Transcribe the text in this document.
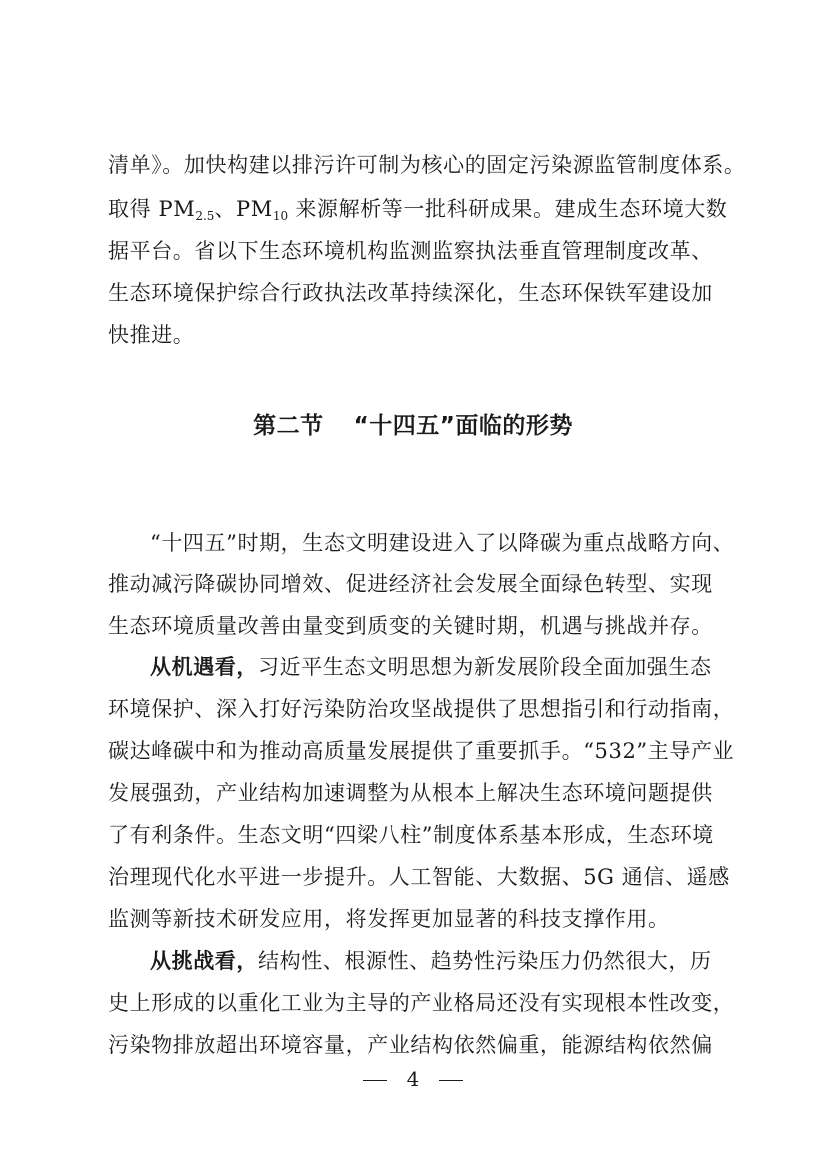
清单》。加快构建以排污许可制为核心的固定污染源监管制度体系。
取得 $PM_{2.5}$、$PM_{10}$ 来源解析等一批科研成果。建成生态环境大数
据平台。省以下生态环境机构监测监察执法垂直管理制度改革、
生态环境保护综合行政执法改革持续深化，生态环保铁军建设加
快推进。
第二节 “十四五”面临的形势
“十四五”时期，生态文明建设进入了以降碳为重点战略方向、
推动减污降碳协同增效、促进经济社会发展全面绿色转型、实现
生态环境质量改善由量变到质变的关键时期，机遇与挑战并存。
从机遇看，习近平生态文明思想为新发展阶段全面加强生态
环境保护、深入打好污染防治攻坚战提供了思想指引和行动指南，
碳达峰碳中和为推动高质量发展提供了重要抓手。“532”主导产业
发展强劲，产业结构加速调整为从根本上解决生态环境问题提供
了有利条件。生态文明“四梁八柱”制度体系基本形成，生态环境
治理现代化水平进一步提升。人工智能、大数据、5G 通信、遥感
监测等新技术研发应用，将发挥更加显著的科技支撑作用。
从挑战看，结构性、根源性、趋势性污染压力仍然很大，历
史上形成的以重化工业为主导的产业格局还没有实现根本性改变，
污染物排放超出环境容量，产业结构依然偏重，能源结构依然偏
4
